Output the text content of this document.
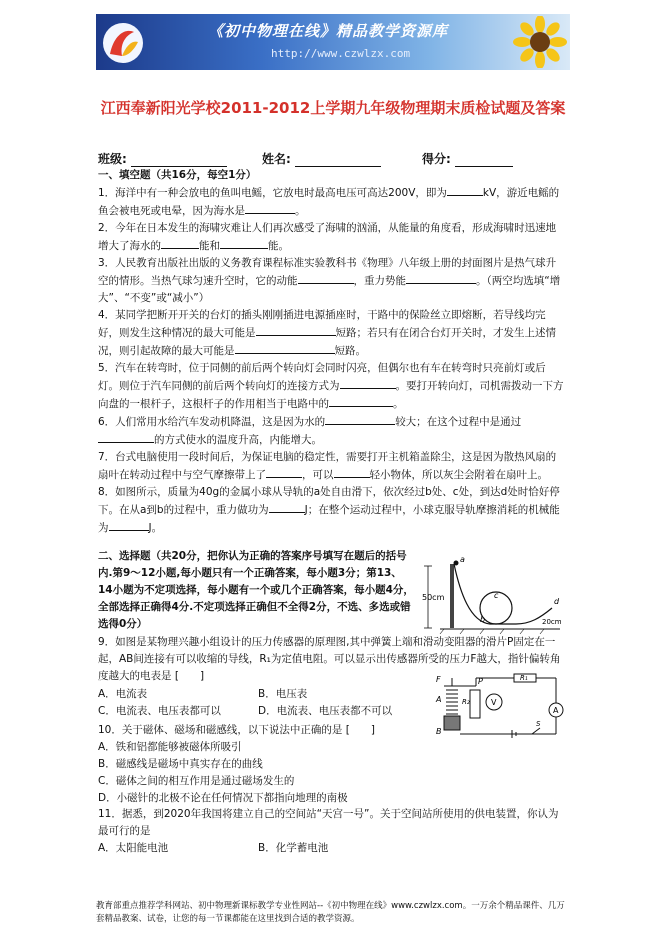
《初中物理在线》精品教学资源库
http://www.czwlzx.com
江西奉新阳光学校2011-2012上学期九年级物理期末质检试题及答案
班级:	姓名:	得分:
一、填空题（共16分，每空1分）
1．海洋中有一种会放电的鱼叫电鳐，它放电时最高电压可高达200V，即为	kV，游近电鳐的鱼会被电死或电晕，因为海水是	。
2．今年在日本发生的海啸灾难让人们再次感受了海啸的汹涌，从能量的角度看，形成海啸时迅速地增大了海水的	能和	能。
3．人民教育出版社出版的义务教育课程标准实验教科书《物理》八年级上册的封面图片是热气球升空的情形。当热气球匀速升空时，它的动能	，重力势能	。（两空均选填“增大”、“不变”或“减小”）
4．某同学把断开开关的台灯的插头刚刚插进电源插座时，干路中的保险丝立即熔断，若导线均完好，则发生这种情况的最大可能是	短路；若只有在闭合台灯开关时，才发生上述情况，则引起故障的最大可能是	短路。
5．汽车在转弯时，位于同侧的前后两个转向灯会同时闪亮，但偶尔也有车在转弯时只亮前灯或后灯。则位于汽车同侧的前后两个转向灯的连接方式为	。要打开转向灯，司机需拨动一下方向盘的一根杆子，这根杆子的作用相当于电路中的	。
6．人们常用水给汽车发动机降温，这是因为水的	较大；在这个过程中是通过的方式使水的温度升高，内能增大。
7．台式电脑使用一段时间后，为保证电脑的稳定性，需要打开主机箱盖除尘，这是因为散热风扇的扇叶在转动过程中与空气摩擦带上了	，可以	轻小物体，所以灰尘会附着在扇叶上。
8．如图所示，质量为40g的金属小球从导轨的a处自由滑下，依次经过b处、c处，到达d处时恰好停下。在从a到b的过程中，重力做功为	J；在整个运动过程中，小球克服导轨摩擦消耗的机械能为	J。
二、选择题（共20分，把你认为正确的答案序号填写在题后的括号内.第9～12小题,每小题只有一个正确答案，每小题3分；第13、14小题为不定项选择，每小题有一个或几个正确答案，每小题4分，全部选择正确得4分.不定项选择正确但不全得2分，不选、多选或错选得0分）
50cm
a
b
c
d
20cm
9．如图是某物理兴趣小组设计的压力传感器的原理图,其中弹簧上端和滑动变阻器的滑片P固定在一起，AB间连接有可以收缩的导线，R₁为定值电阻。可以显示出传感器所受的压力F越大，指针偏转角度越大的电表是 [　　]
A．电流表	B．电压表
C．电流表、电压表都可以	D．电流表、电压表都不可以
F	P
A
B
R₁
R₂	V
A
S
10．关于磁体、磁场和磁感线，以下说法中正确的是 [　　]
A．铁和铝都能够被磁体所吸引
B．磁感线是磁场中真实存在的曲线
C．磁体之间的相互作用是通过磁场发生的
D．小磁针的北极不论在任何情况下都指向地理的南极
11．据悉，到2020年我国将建立自己的空间站“天宫一号”。关于空间站所使用的供电装置，你认为最可行的是
A．太阳能电池	B．化学蓄电池
教育部重点推荐学科网站、初中物理新课标教学专业性网站--《初中物理在线》www.czwlzx.com。一万余个精品课件、几万套精品教案、试卷，让您的每一节课都能在这里找到合适的教学资源。
